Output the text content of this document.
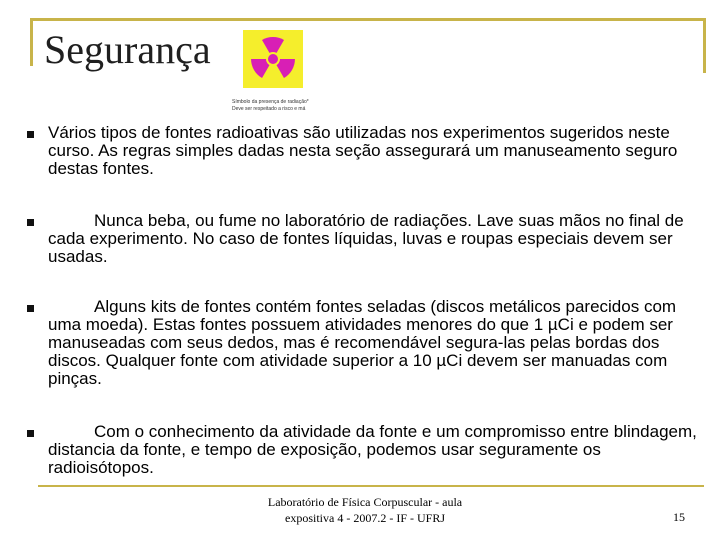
Segurança
Símbolo da presença de radiação*
Deve ser respeitado a risco e má
Vários tipos de fontes radioativas são utilizadas nos experimentos sugeridos neste curso. As regras simples dadas nesta seção assegurará um manuseamento seguro destas fontes.
Nunca beba, ou fume no laboratório de radiações. Lave suas mãos no final de cada experimento. No caso de fontes líquidas, luvas e roupas especiais devem ser usadas.
Alguns kits de fontes contém fontes seladas (discos metálicos parecidos com uma moeda). Estas fontes possuem atividades menores do que 1 µCi e podem ser manuseadas com seus dedos, mas é recomendável segura-las pelas bordas dos discos. Qualquer fonte com atividade superior a 10 µCi devem ser manuadas com pinças.
Com o conhecimento da atividade da fonte e um compromisso entre blindagem, distancia da fonte, e tempo de exposição, podemos usar seguramente os radioisótopos.
Laboratório de Física Corpuscular - aula
expositiva 4 - 2007.2 - IF - UFRJ	15
